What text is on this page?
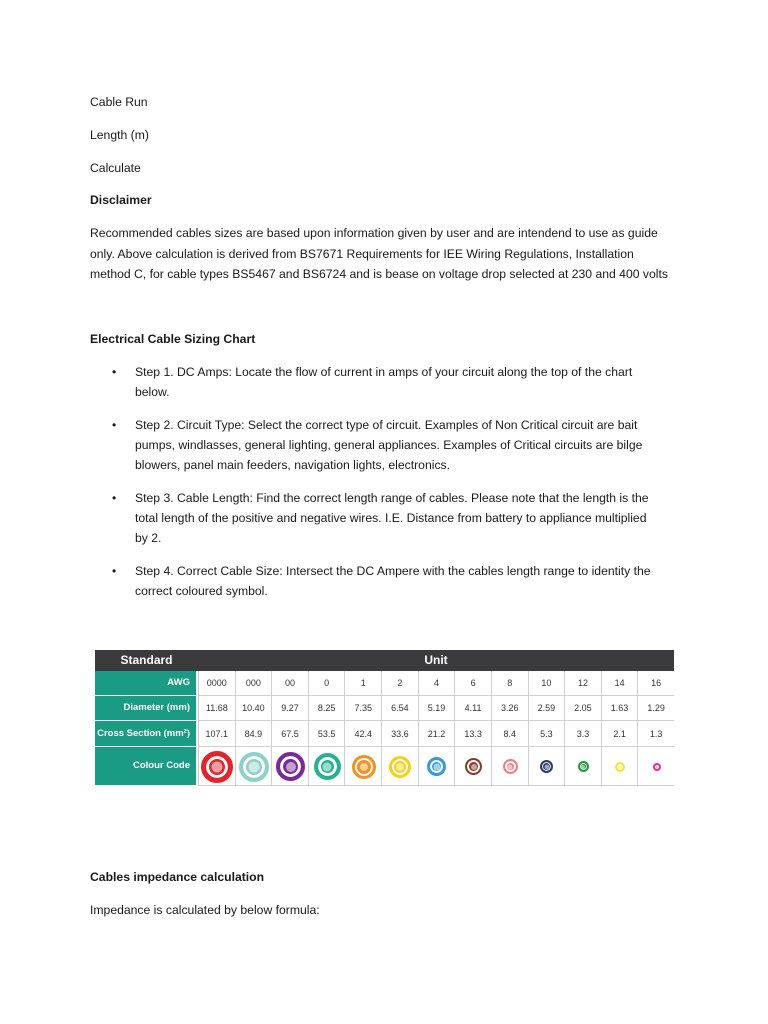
Cable Run

Length (m)

Calculate

Disclaimer

Recommended cables sizes are based upon information given by user and are intendend to use as guide
only. Above calculation is derived from BS7671 Requirements for IEE Wiring Regulations, Installation
method C, for cable types BS5467 and BS6724 and is bease on voltage drop selected at 230 and 400 volts

Electrical Cable Sizing Chart

• Step 1. DC Amps: Locate the flow of current in amps of your circuit along the top of the chart
below.
• Step 2. Circuit Type: Select the correct type of circuit. Examples of Non Critical circuit are bait
pumps, windlasses, general lighting, general appliances. Examples of Critical circuits are bilge
blowers, panel main feeders, navigation lights, electronics.
• Step 3. Cable Length: Find the correct length range of cables. Please note that the length is the
total length of the positive and negative wires. I.E. Distance from battery to appliance multiplied
by 2.
• Step 4. Correct Cable Size: Intersect the DC Ampere with the cables length range to identity the
correct coloured symbol.
Standard	Unit
AWG	0000	000	00	0	1	2	4	6	8	10	12	14	16
Diameter (mm)	11.68	10.40	9.27	8.25	7.35	6.54	5.19	4.11	3.26	2.59	2.05	1.63	1.29
Cross Section (mm²)	107.1	84.9	67.5	53.5	42.4	33.6	21.2	13.3	8.4	5.3	3.3	2.1	1.3
Colour Code

Cables impedance calculation

Impedance is calculated by below formula:
